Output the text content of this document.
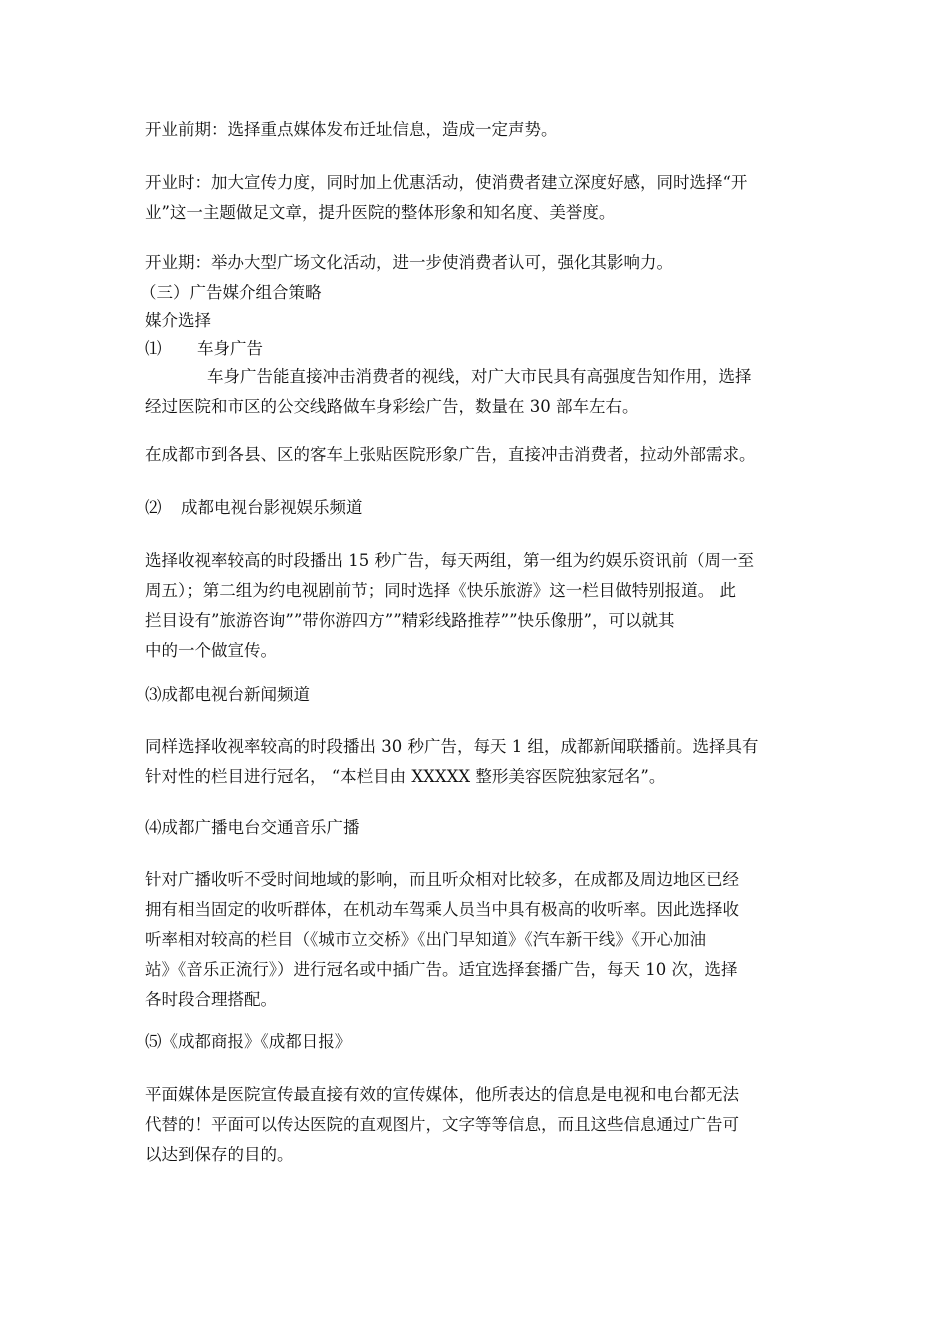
开业前期：选择重点媒体发布迁址信息，造成一定声势。

开业时：加大宣传力度，同时加上优惠活动，使消费者建立深度好感，同时选择“开
业”这一主题做足文章，提升医院的整体形象和知名度、美誉度。

开业期：举办大型广场文化活动，进一步使消费者认可，强化其影响力。

（三）广告媒介组合策略

媒介选择

⑴ 车身广告

车身广告能直接冲击消费者的视线，对广大市民具有高强度告知作用，选择
经过医院和市区的公交线路做车身彩绘广告，数量在 30 部车左右。

在成都市到各县、区的客车上张贴医院形象广告，直接冲击消费者，拉动外部需求。

⑵ 成都电视台影视娱乐频道

选择收视率较高的时段播出 15 秒广告，每天两组，第一组为约娱乐资讯前（周一至
周五）；第二组为约电视剧前节；同时选择《快乐旅游》这一栏目做特别报道。 此
拦目设有”旅游咨询””带你游四方””精彩线路推荐””快乐像册”，可以就其
中的一个做宣传。

⑶成都电视台新闻频道

同样选择收视率较高的时段播出 30 秒广告，每天 1 组，成都新闻联播前。选择具有
针对性的栏目进行冠名， “本栏目由 XXXXX 整形美容医院独家冠名”。

⑷成都广播电台交通音乐广播

针对广播收听不受时间地域的影响，而且听众相对比较多，在成都及周边地区已经
拥有相当固定的收听群体，在机动车驾乘人员当中具有极高的收听率。因此选择收
听率相对较高的栏目（《城市立交桥》《出门早知道》《汽车新干线》《开心加油
站》《音乐正流行》）进行冠名或中插广告。适宜选择套播广告，每天 10 次，选择
各时段合理搭配。

⑸《成都商报》《成都日报》

平面媒体是医院宣传最直接有效的宣传媒体，他所表达的信息是电视和电台都无法
代替的！平面可以传达医院的直观图片，文字等等信息，而且这些信息通过广告可
以达到保存的目的。
